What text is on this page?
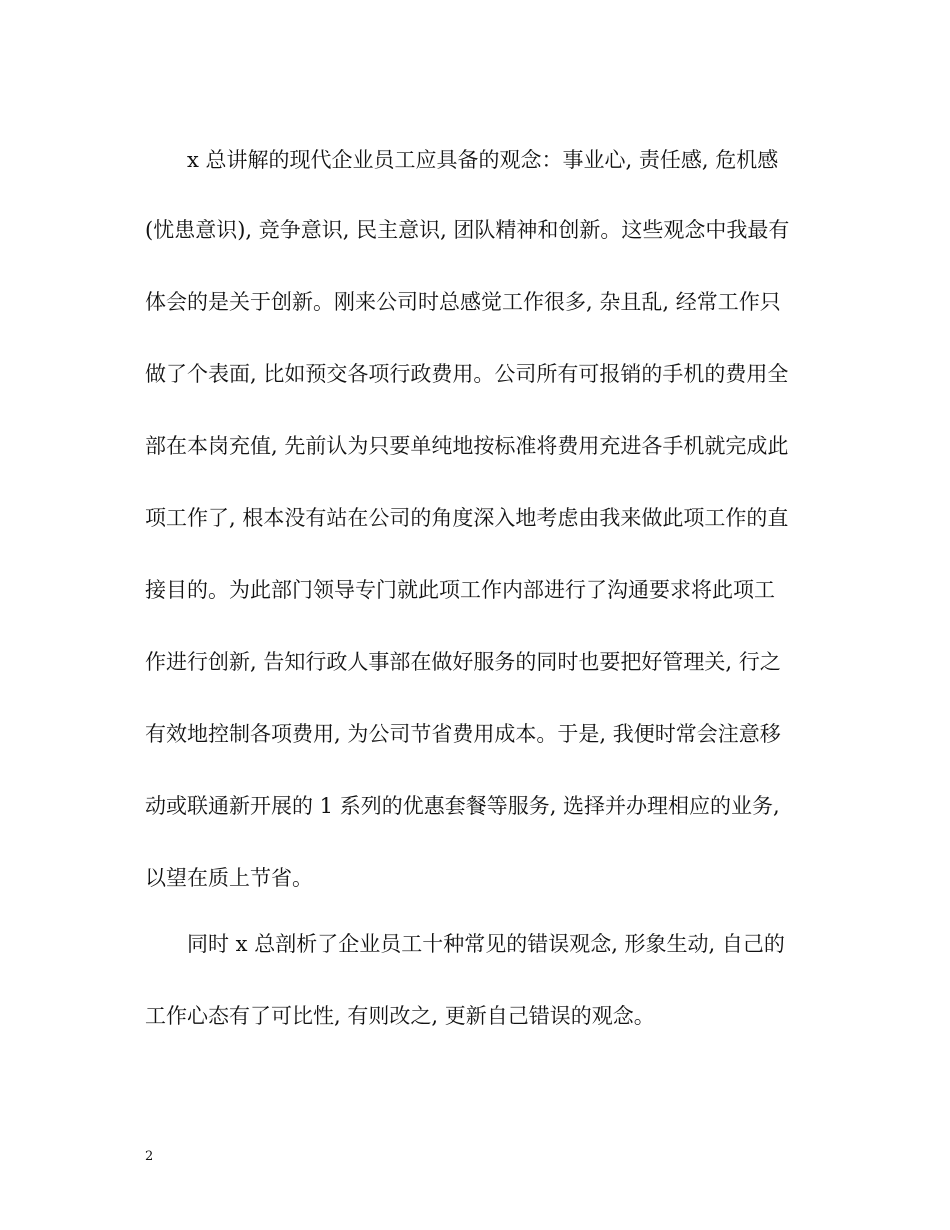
x 总讲解的现代企业员工应具备的观念：事业心, 责任感, 危机感
(忧患意识), 竞争意识, 民主意识, 团队精神和创新。这些观念中我最有
体会的是关于创新。刚来公司时总感觉工作很多, 杂且乱, 经常工作只
做了个表面, 比如预交各项行政费用。公司所有可报销的手机的费用全
部在本岗充值, 先前认为只要单纯地按标准将费用充进各手机就完成此
项工作了, 根本没有站在公司的角度深入地考虑由我来做此项工作的直
接目的。为此部门领导专门就此项工作内部进行了沟通要求将此项工
作进行创新, 告知行政人事部在做好服务的同时也要把好管理关, 行之
有效地控制各项费用, 为公司节省费用成本。于是, 我便时常会注意移
动或联通新开展的 1 系列的优惠套餐等服务, 选择并办理相应的业务,
以望在质上节省。
同时 x 总剖析了企业员工十种常见的错误观念, 形象生动, 自己的
工作心态有了可比性, 有则改之, 更新自己错误的观念。
2
